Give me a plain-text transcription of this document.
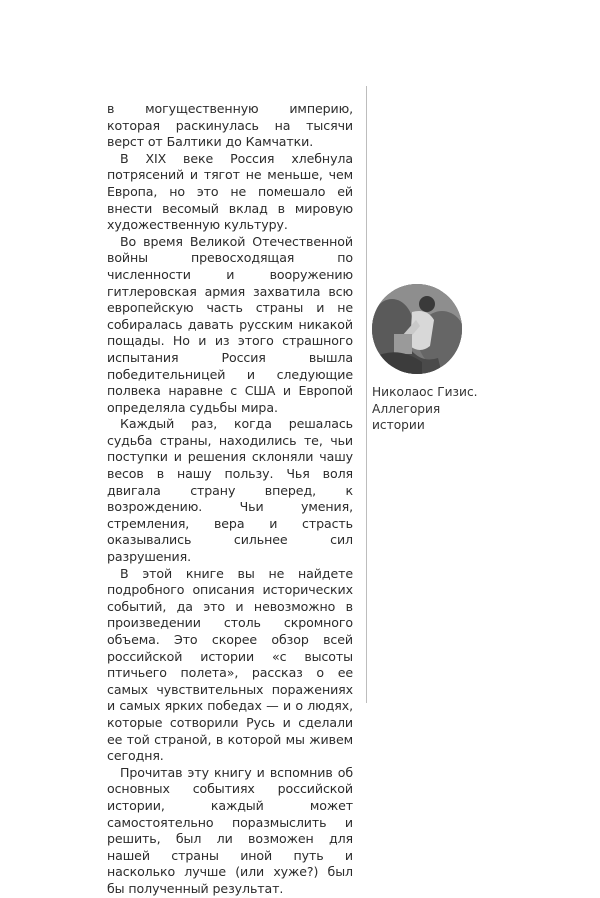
в могущественную империю, которая раскинулась на тысячи верст от Балтики до Камчатки.

В XIX веке Россия хлебнула потрясений и тягот не меньше, чем Европа, но это не помешало ей внести весомый вклад в мировую художественную культуру.

Во время Великой Отечественной войны превосходящая по численности и вооружению гитлеровская армия захватила всю европейскую часть страны и не собиралась давать русским никакой пощады. Но и из этого страшного испытания Россия вышла победительницей и следующие полвека наравне с США и Европой определяла судьбы мира.

Каждый раз, когда решалась судьба страны, находились те, чьи поступки и решения склоняли чашу весов в нашу пользу. Чья воля двигала страну вперед, к возрождению. Чьи умения, стремления, вера и страсть оказывались сильнее сил разрушения.

В этой книге вы не найдете подробного описания исторических событий, да это и невозможно в произведении столь скромного объема. Это скорее обзор всей российской истории «с высоты птичьего полета», рассказ о ее самых чувствительных поражениях и самых ярких победах — и о людях, которые сотворили Русь и сделали ее той страной, в которой мы живем сегодня.

Прочитав эту книгу и вспомнив об основных событиях российской истории, каждый может самостоятельно поразмыслить и решить, был ли возможен для нашей страны иной путь и насколько лучше (или хуже?) был бы полученный результат.

Николаос Гизис.
Аллегория
истории
